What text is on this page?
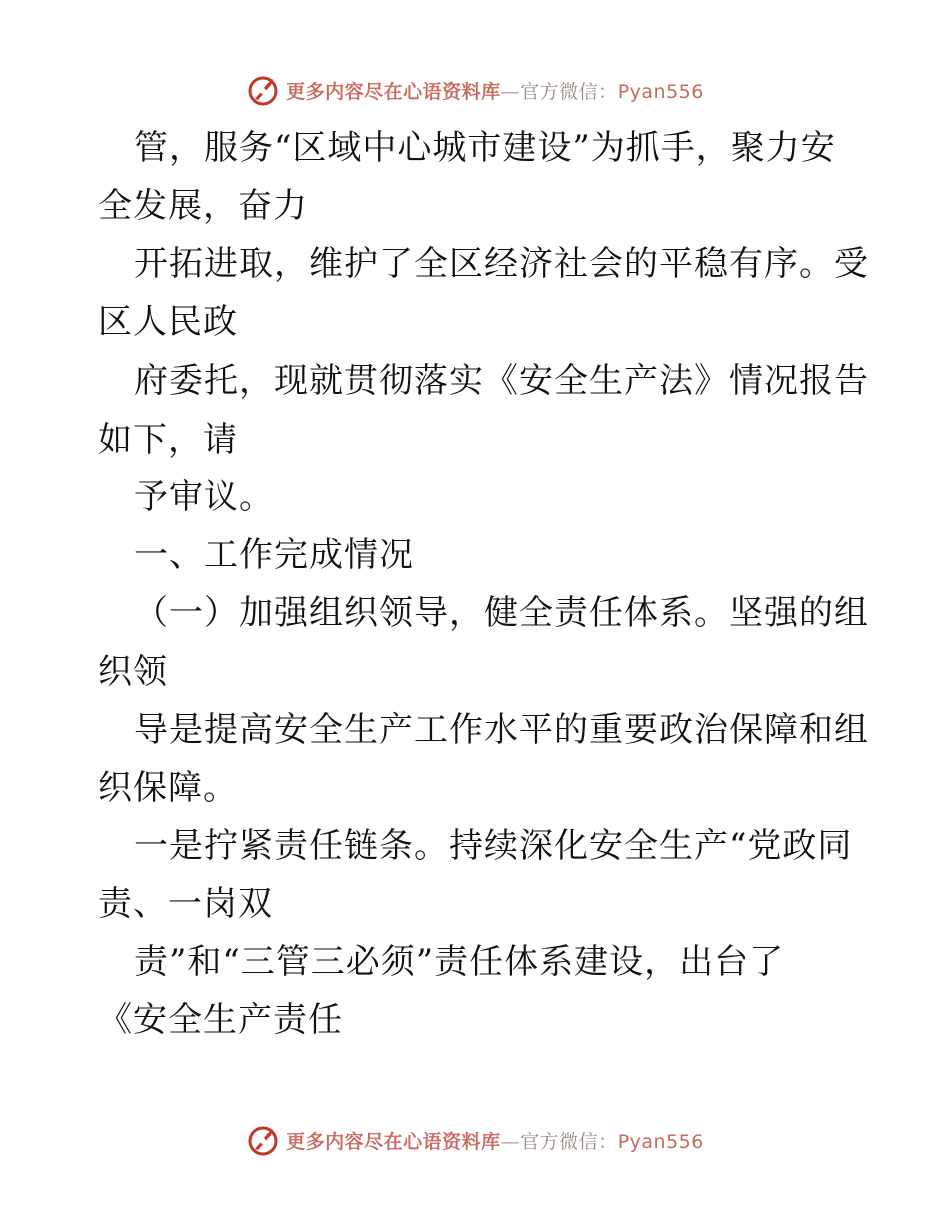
更多内容尽在心语资料库—官方微信：Pyan556
管，服务“区域中心城市建设”为抓手，聚力安
全发展，奋力
开拓进取，维护了全区经济社会的平稳有序。受
区人民政
府委托，现就贯彻落实《安全生产法》情况报告
如下，请
予审议。
一、工作完成情况
（一）加强组织领导，健全责任体系。坚强的组
织领
导是提高安全生产工作水平的重要政治保障和组
织保障。
一是拧紧责任链条。持续深化安全生产“党政同
责、一岗双
责”和“三管三必须”责任体系建设，出台了
《安全生产责任
更多内容尽在心语资料库—官方微信：Pyan556
